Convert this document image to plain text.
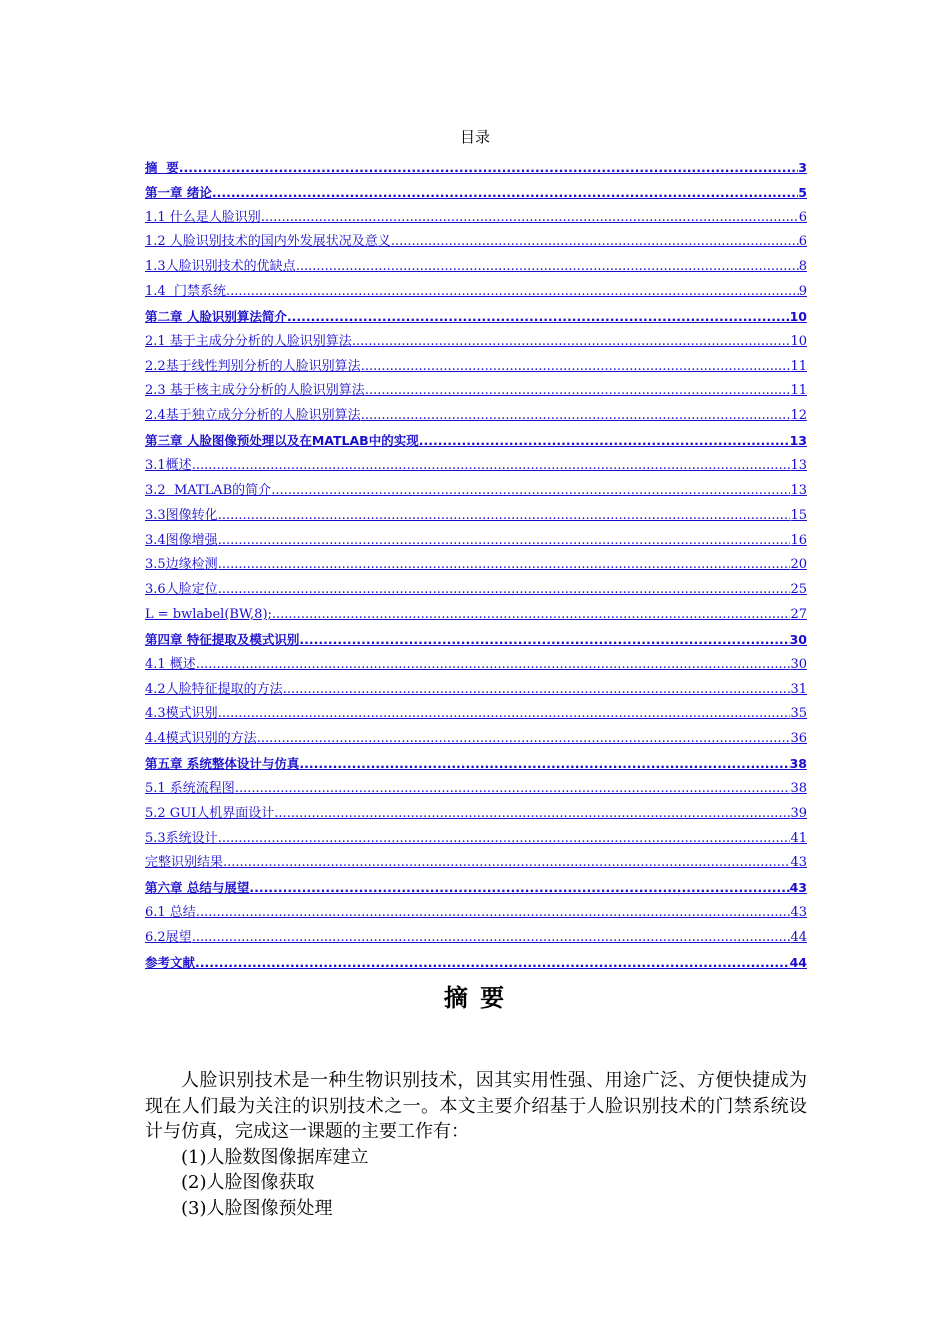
目录
摘  要 .....	3
第一章 绪论 .....	5
1.1 什么是人脸识别 .....	6
1.2 人脸识别技术的国内外发展状况及意义 .....	6
1.3人脸识别技术的优缺点 .....	8
1.4  门禁系统 .....	9
第二章 人脸识别算法简介 .....	10
2.1 基于主成分分析的人脸识别算法 .....	10
2.2基于线性判别分析的人脸识别算法 .....	11
2.3 基于核主成分分析的人脸识别算法 .....	11
2.4基于独立成分分析的人脸识别算法 .....	12
第三章 人脸图像预处理以及在MATLAB中的实现 .....	13
3.1概述 .....	13
3.2  MATLAB的简介 .....	13
3.3图像转化 .....	15
3.4图像增强 .....	16
3.5边缘检测 .....	20
3.6人脸定位 .....	25
L = bwlabel(BW,8); .....	27
第四章 特征提取及模式识别 .....	30
4.1 概述 .....	30
4.2人脸特征提取的方法 .....	31
4.3模式识别 .....	35
4.4模式识别的方法 .....	36
第五章 系统整体设计与仿真 .....	38
5.1 系统流程图 .....	38
5.2 GUI人机界面设计 .....	39
5.3系统设计 .....	41
完整识别结果 .....	43
第六章 总结与展望 .....	43
6.1 总结 .....	43
6.2展望 .....	44
参考文献 .....	44
摘 要

人脸识别技术是一种生物识别技术，因其实用性强、用途广泛、方便快捷成为现在人们最为关注的识别技术之一。本文主要介绍基于人脸识别技术的门禁系统设计与仿真，完成这一课题的主要工作有：

(1)人脸数图像据库建立
(2)人脸图像获取
(3)人脸图像预处理
